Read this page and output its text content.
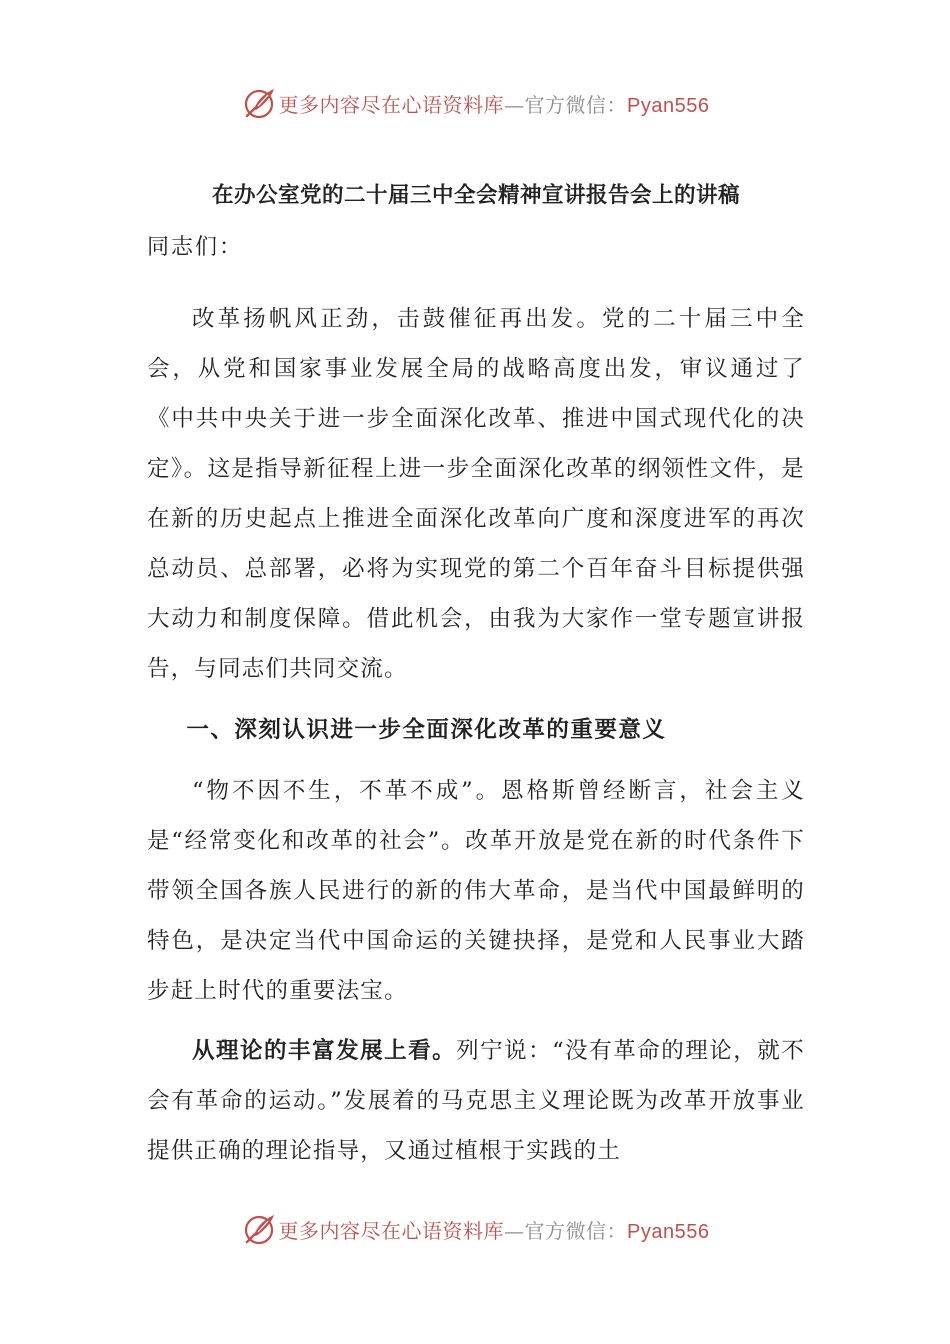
更多内容尽在心语资料库—官方微信：Pyan556
在办公室党的二十届三中全会精神宣讲报告会上的讲稿

同志们：

改革扬帆风正劲，击鼓催征再出发。党的二十届三中全会，从党和国家事业发展全局的战略高度出发，审议通过了《中共中央关于进一步全面深化改革、推进中国式现代化的决定》。这是指导新征程上进一步全面深化改革的纲领性文件，是在新的历史起点上推进全面深化改革向广度和深度进军的再次总动员、总部署，必将为实现党的第二个百年奋斗目标提供强大动力和制度保障。借此机会，由我为大家作一堂专题宣讲报告，与同志们共同交流。

一、深刻认识进一步全面深化改革的重要意义

“物不因不生，不革不成”。恩格斯曾经断言，社会主义是“经常变化和改革的社会”。改革开放是党在新的时代条件下带领全国各族人民进行的新的伟大革命，是当代中国最鲜明的特色，是决定当代中国命运的关键抉择，是党和人民事业大踏步赶上时代的重要法宝。

从理论的丰富发展上看。列宁说：“没有革命的理论，就不会有革命的运动。”发展着的马克思主义理论既为改革开放事业提供正确的理论指导，又通过植根于实践的土

更多内容尽在心语资料库—官方微信：Pyan556
